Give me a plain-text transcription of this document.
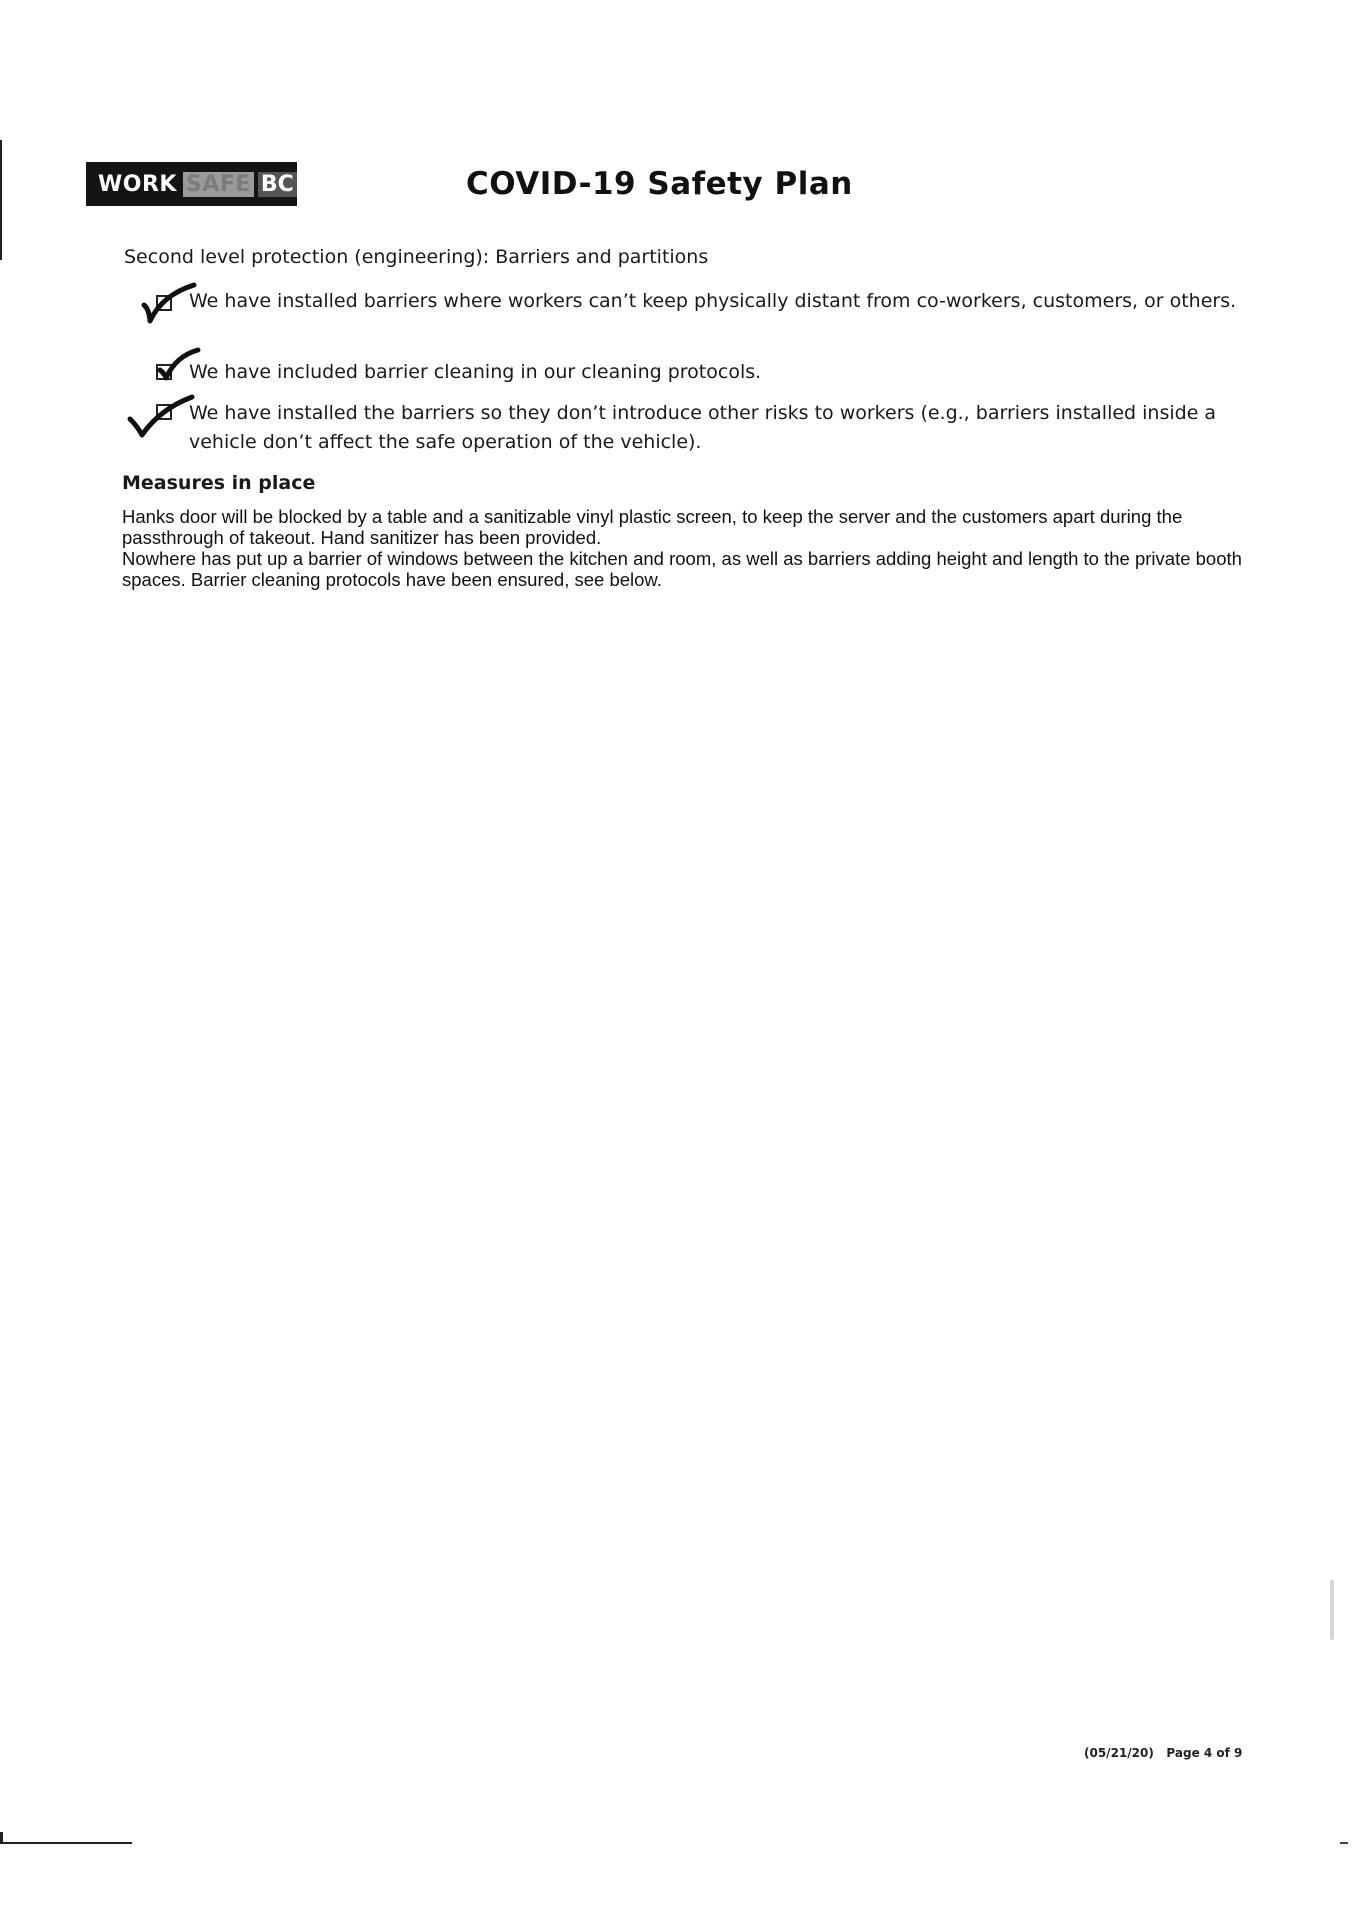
WORK SAFE BC	COVID-19 Safety Plan
Second level protection (engineering): Barriers and partitions
We have installed barriers where workers can’t keep physically distant from co-workers, customers, or others.
We have included barrier cleaning in our cleaning protocols.
We have installed the barriers so they don’t introduce other risks to workers (e.g., barriers installed inside a vehicle don’t affect the safe operation of the vehicle).
Measures in place

Hanks door will be blocked by a table and a sanitizable vinyl plastic screen, to keep the server and the customers apart during the passthrough of takeout. Hand sanitizer has been provided.

Nowhere has put up a barrier of windows between the kitchen and room, as well as barriers adding height and length to the private booth spaces. Barrier cleaning protocols have been ensured, see below.

(05/21/20) Page 4 of 9
